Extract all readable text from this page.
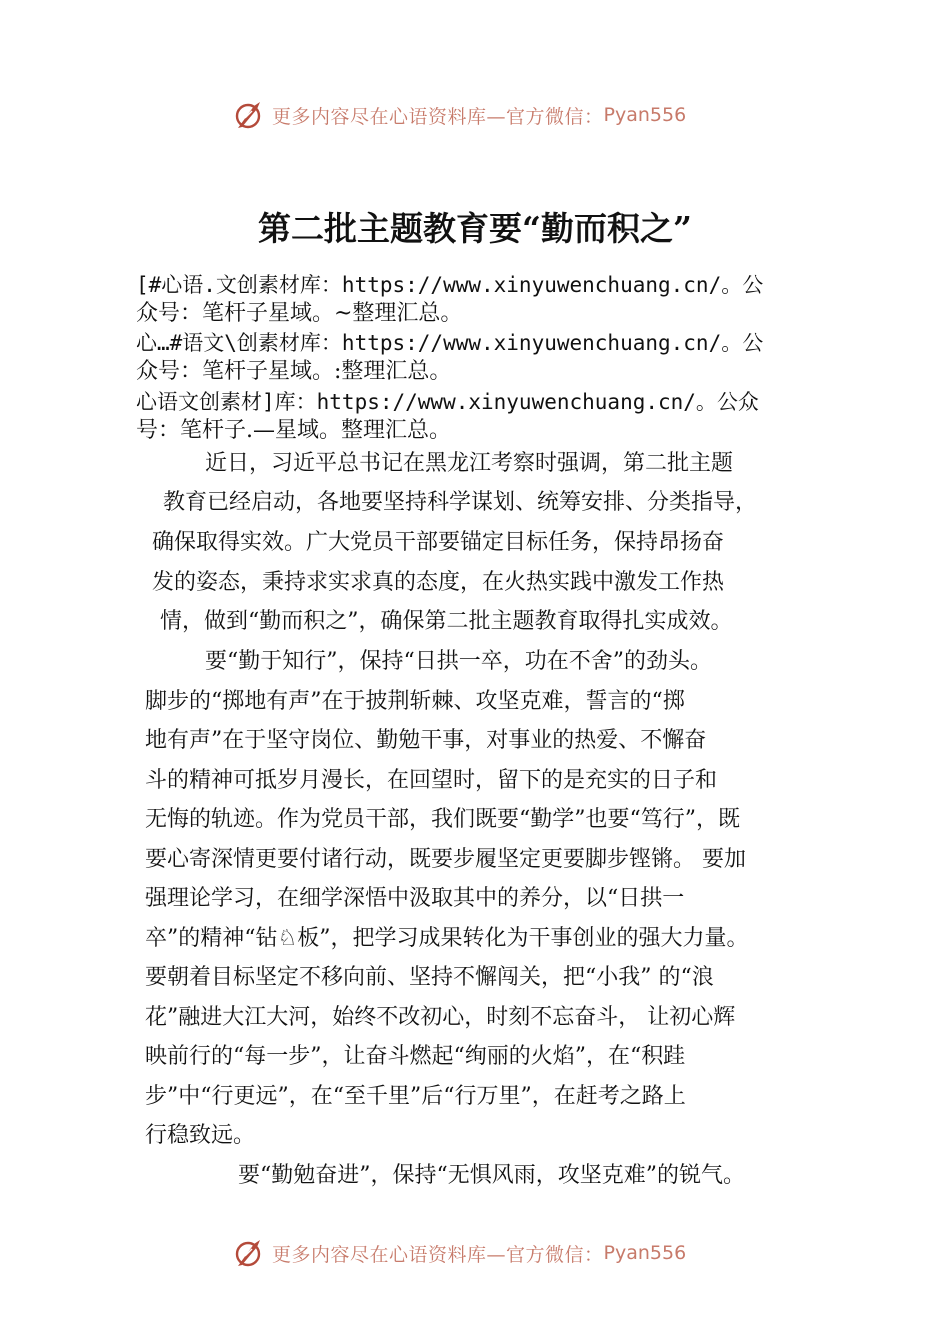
更多内容尽在心语资料库—官方微信： Pyan556
第二批主题教育要“勤而积之”
[#心语.文创素材库：https://www.xinyuwenchuang.cn/。公
众号：笔杆子星域。~整理汇总。
心…#语文\创素材库：https://www.xinyuwenchuang.cn/。公
众号：笔杆子星域。:整理汇总。
心语文创素材]库：https://www.xinyuwenchuang.cn/。公众
号：笔杆子.—星域。整理汇总。
近日，习近平总书记在黑龙江考察时强调，第二批主题
教育已经启动，各地要坚持科学谋划、统筹安排、分类指导，
确保取得实效。广大党员干部要锚定目标任务，保持昂扬奋
发的姿态，秉持求实求真的态度，在火热实践中激发工作热
情，做到“勤而积之”，确保第二批主题教育取得扎实成效。
要“勤于知行”，保持“日拱一卒，功在不舍”的劲头。
脚步的“掷地有声”在于披荆斩棘、攻坚克难，誓言的“掷
地有声”在于坚守岗位、勤勉干事，对事业的热爱、不懈奋
斗的精神可抵岁月漫长，在回望时，留下的是充实的日子和
无悔的轨迹。作为党员干部，我们既要“勤学”也要“笃行”，既
要心寄深情更要付诸行动，既要步履坚定更要脚步铿锵。 要加
强理论学习，在细学深悟中汲取其中的养分，以“日拱一
卒”的精神“钻♘板”，把学习成果转化为干事创业的强大力量。
要朝着目标坚定不移向前、坚持不懈闯关，把“小我” 的“浪
花”融进大江大河，始终不改初心，时刻不忘奋斗， 让初心辉
映前行的“每一步”，让奋斗燃起“绚丽的火焰”，在“积跬
步”中“行更远”，在“至千里”后“行万里”，在赶考之路上
行稳致远。
要“勤勉奋进”，保持“无惧风雨，攻坚克难”的锐气。
更多内容尽在心语资料库—官方微信： Pyan556
